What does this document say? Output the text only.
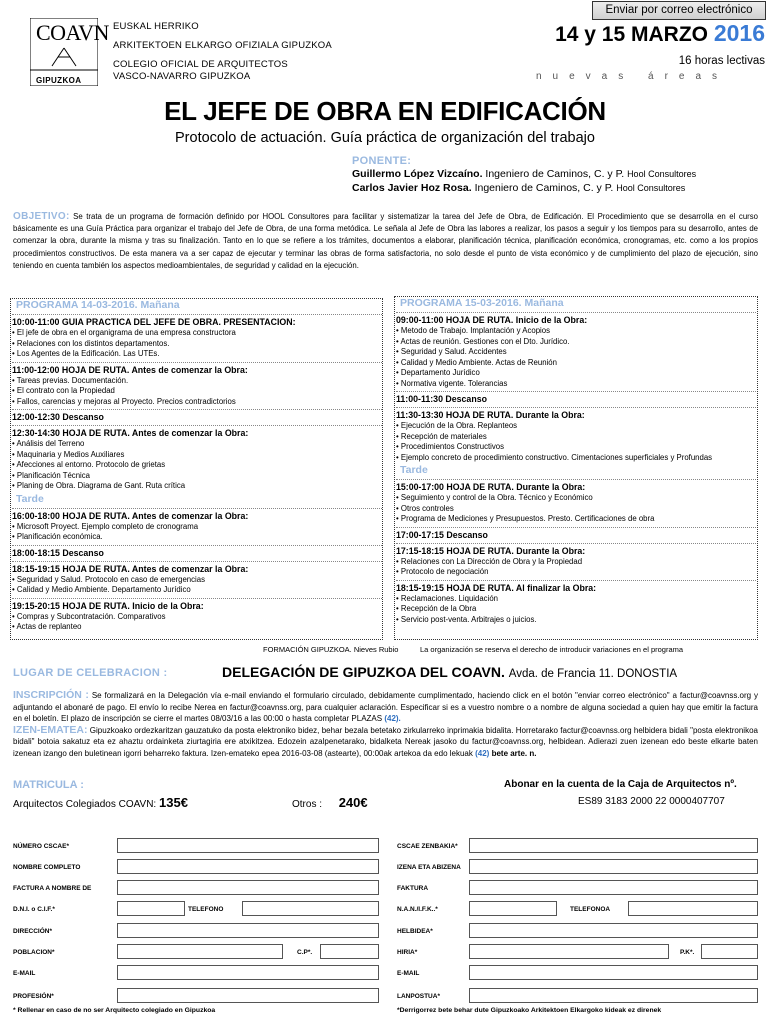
COAVN
GIPUZKOA
EUSKAL HERRIKO
ARKITEKTOEN ELKARGO OFIZIALA GIPUZKOA
COLEGIO OFICIAL DE ARQUITECTOS
VASCO-NAVARRO GIPUZKOA
Enviar por correo electrónico
14 y 15 MARZO 2016
16 horas lectivas
nuevas áreas
EL JEFE DE OBRA EN EDIFICACIÓN
Protocolo de actuación. Guía práctica de organización del trabajo
PONENTE:
Guillermo López Vizcaíno. Ingeniero de Caminos, C. y P. Hool Consultores
Carlos Javier Hoz Rosa. Ingeniero de Caminos, C. y P. Hool Consultores
OBJETIVO: Se trata de un programa de formación definido por HOOL Consultores para facilitar y sistematizar la tarea del Jefe de Obra, de Edificación. El Procedimiento que se desarrolla en el curso básicamente es una Guía Práctica para organizar el trabajo del Jefe de Obra, de una forma metódica. Le señala al Jefe de Obra las labores a realizar, los pasos a seguir y los tiempos para su desarrollo, antes de comenzar la obra, durante la misma y tras su finalización. Tanto en lo que se refiere a los trámites, documentos a elaborar, planificación técnica, planificación económica, cronogramas, etc. como a los propios procedimientos constructivos. De esta manera va a ser capaz de ejecutar y terminar las obras de forma satisfactoria, no solo desde el punto de vista económico y de cumplimiento del plazo de ejecución, sino teniendo en cuenta también los aspectos medioambientales, de seguridad y calidad en la ejecución.
PROGRAMA 14-03-2016. Mañana
10:00-11:00 GUIA PRACTICA DEL JEFE DE OBRA. PRESENTACION:
• El jefe de obra en el organigrama de una empresa constructora
• Relaciones con los distintos departamentos.
• Los Agentes de la Edificación. Las UTEs.
11:00-12:00 HOJA DE RUTA. Antes de comenzar la Obra:
• Tareas previas. Documentación.
• El contrato con la Propiedad
• Fallos, carencias y mejoras al Proyecto. Precios contradictorios
12:00-12:30 Descanso
12:30-14:30 HOJA DE RUTA. Antes de comenzar la Obra:
• Análisis del Terreno
• Maquinaria y Medios Auxiliares
• Afecciones al entorno. Protocolo de grietas
• Planificación Técnica
• Planing de Obra. Diagrama de Gant. Ruta crítica
Tarde
16:00-18:00 HOJA DE RUTA. Antes de comenzar la Obra:
• Microsoft Proyect. Ejemplo completo de cronograma
• Planificación económica.
18:00-18:15 Descanso
18:15-19:15 HOJA DE RUTA. Antes de comenzar la Obra:
• Seguridad y Salud. Protocolo en caso de emergencias
• Calidad y Medio Ambiente. Departamento Jurídico
19:15-20:15 HOJA DE RUTA. Inicio de la Obra:
• Compras y Subcontratación. Comparativos
• Actas de replanteo
FORMACIÓN GIPUZKOA. Nieves Rubio
PROGRAMA 15-03-2016. Mañana
09:00-11:00 HOJA DE RUTA. Inicio de la Obra:
• Metodo de Trabajo. Implantación y Acopios
• Actas de reunión. Gestiones con el Dto. Jurídico.
• Seguridad y Salud. Accidentes
• Calidad y Medio Ambiente. Actas de Reunión
• Departamento Jurídico
• Normativa vigente. Tolerancias
11:00-11:30 Descanso
11:30-13:30 HOJA DE RUTA. Durante la Obra:
• Ejecución de la Obra. Replanteos
• Recepción de materiales
• Procedimientos Constructivos
• Ejemplo concreto de procedimiento constructivo. Cimentaciones superficiales y Profundas
Tarde
15:00-17:00 HOJA DE RUTA. Durante la Obra:
• Seguimiento y control de la Obra. Técnico y Económico
• Otros controles
• Programa de Mediciones y Presupuestos. Presto. Certificaciones de obra
17:00-17:15 Descanso
17:15-18:15 HOJA DE RUTA. Durante la Obra:
• Relaciones con La Dirección de Obra y la Propiedad
• Protocolo de negociación
18:15-19:15 HOJA DE RUTA. Al finalizar la Obra:
• Reclamaciones. Liquidación
• Recepción de la Obra
• Servicio post-venta. Arbitrajes o juicios.
La organización se reserva el derecho de introducir variaciones en el programa
LUGAR DE CELEBRACION :	DELEGACIÓN DE GIPUZKOA DEL COAVN. Avda. de Francia 11. DONOSTIA
INSCRIPCIÓN : Se formalizará en la Delegación vía e-mail enviando el formulario circulado, debidamente cumplimentado, haciendo click en el botón "enviar correo electrónico" a factur@coavnss.org y adjuntando el abonaré de pago. El envío lo recibe Nerea en factur@coavnss.org, para cualquier aclaración. Especificar si es a vuestro nombre o a nombre de alguna sociedad a quien hay que emitir la factura en el boletín. El plazo de inscripción se cierre el martes 08/03/16 a las 00:00 o hasta completar PLAZAS (42).
IZEN-EMATEA: Gipuzkoako ordezkaritzan gauzatuko da posta elektroniko bidez, behar bezala betetako zirkularreko inprimakia bidalita. Horretarako factur@coavnss.org helbidera bidali "posta elektronikoa bidali" botoia sakatuz eta ez ahaztu ordainketa ziurtagiria ere atxikitzea. Edozein azalpenetarako, bidalketa Nereak jasoko du factur@coavnss.org, helbidean. Adierazi zuen izenean edo beste elkarte baten izenean izango den buletinean igorri beharreko faktura. Izen-emateko epea 2016-03-08 (astearte), 00:00ak artekoa da edo lekuak (42) bete arte. n.
MATRICULA :
Arquitectos Colegiados COAVN: 135€	Otros : 240€
Abonar en la cuenta de la Caja de Arquitectos nº.
ES89 3183 2000 22 0000407707
NÚMERO CSCAE*
NOMBRE COMPLETO
FACTURA A NOMBRE DE
D.N.I. o C.I.F.*	TELEFONO
DIRECCIÓN*
POBLACION*	C.P*.
E-MAIL
PROFESIÓN*
CSCAE ZENBAKIA*
IZENA ETA ABIZENA
FAKTURA
N.A.N./I.F.K..*	TELEFONOA
HELBIDEA*
HIRIA*	P.K*.
E-MAIL
LANPOSTUA*
* Rellenar en caso de no ser Arquitecto colegiado en Gipuzkoa	*Derrigorrez bete behar dute Gipuzkoako Arkitektoen Elkargoko kideak ez direnek
